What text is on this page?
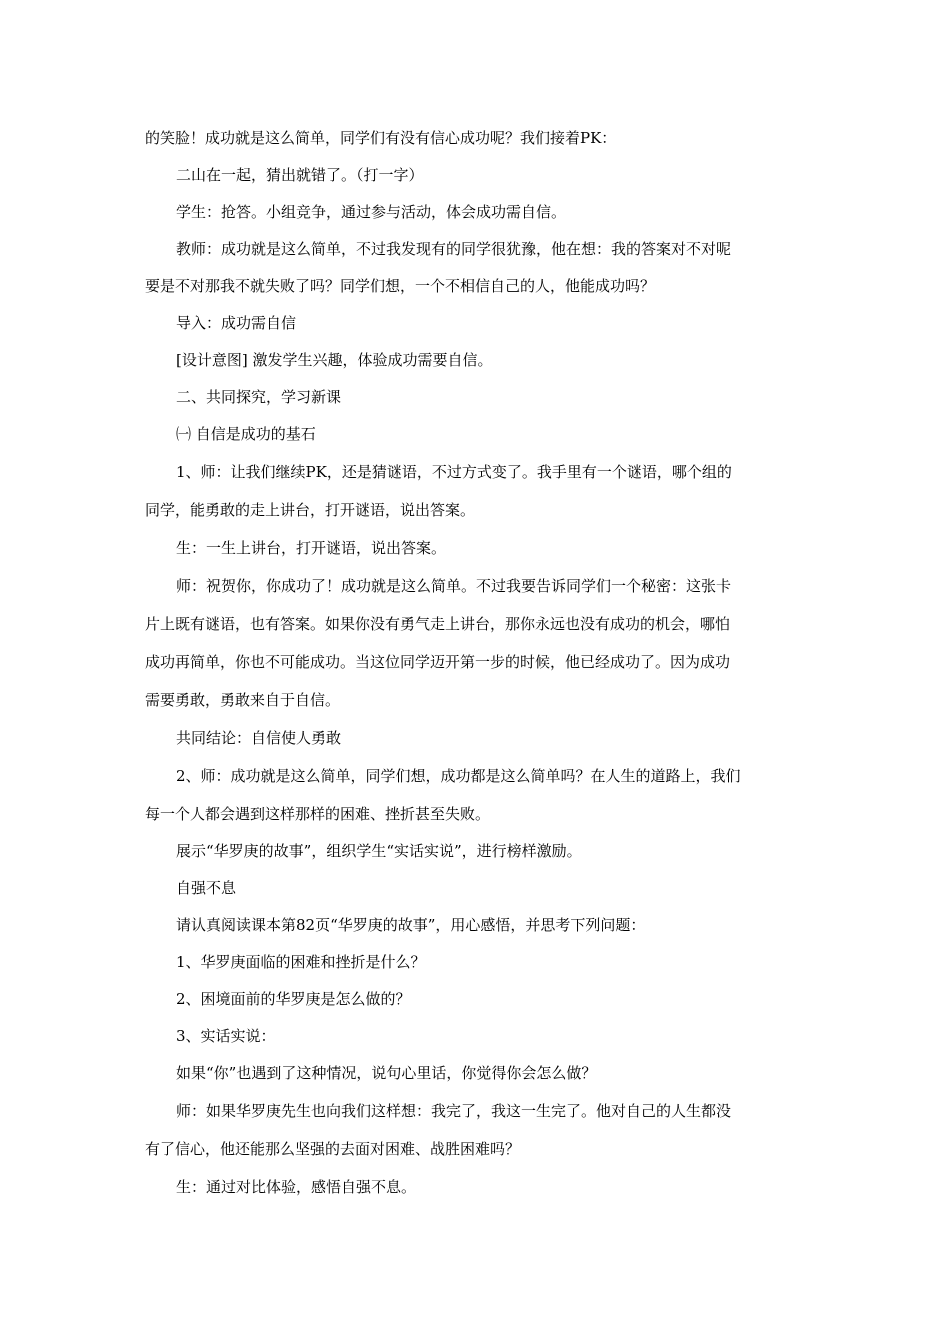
的笑脸！成功就是这么简单，同学们有没有信心成功呢？我们接着PK：

二山在一起，猜出就错了。（打一字）

学生：抢答。小组竞争，通过参与活动，体会成功需自信。

教师：成功就是这么简单，不过我发现有的同学很犹豫，他在想：我的答案对不对呢

要是不对那我不就失败了吗？同学们想，一个不相信自己的人，他能成功吗？

导入：成功需自信

[设计意图] 激发学生兴趣，体验成功需要自信。

二、共同探究，学习新课

㈠ 自信是成功的基石

1、师：让我们继续PK，还是猜谜语，不过方式变了。我手里有一个谜语，哪个组的

同学，能勇敢的走上讲台，打开谜语，说出答案。

生：一生上讲台，打开谜语，说出答案。

师：祝贺你，你成功了！成功就是这么简单。不过我要告诉同学们一个秘密：这张卡

片上既有谜语，也有答案。如果你没有勇气走上讲台，那你永远也没有成功的机会，哪怕

成功再简单，你也不可能成功。当这位同学迈开第一步的时候，他已经成功了。因为成功

需要勇敢，勇敢来自于自信。

共同结论：自信使人勇敢

2、师：成功就是这么简单，同学们想，成功都是这么简单吗？在人生的道路上，我们

每一个人都会遇到这样那样的困难、挫折甚至失败。

展示“华罗庚的故事”，组织学生“实话实说”，进行榜样激励。

自强不息

请认真阅读课本第82页“华罗庚的故事”，用心感悟，并思考下列问题：

1、华罗庚面临的困难和挫折是什么？

2、困境面前的华罗庚是怎么做的？

3、实话实说：

如果“你”也遇到了这种情况，说句心里话，你觉得你会怎么做？

师：如果华罗庚先生也向我们这样想：我完了，我这一生完了。他对自己的人生都没

有了信心，他还能那么坚强的去面对困难、战胜困难吗？

生：通过对比体验，感悟自强不息。
